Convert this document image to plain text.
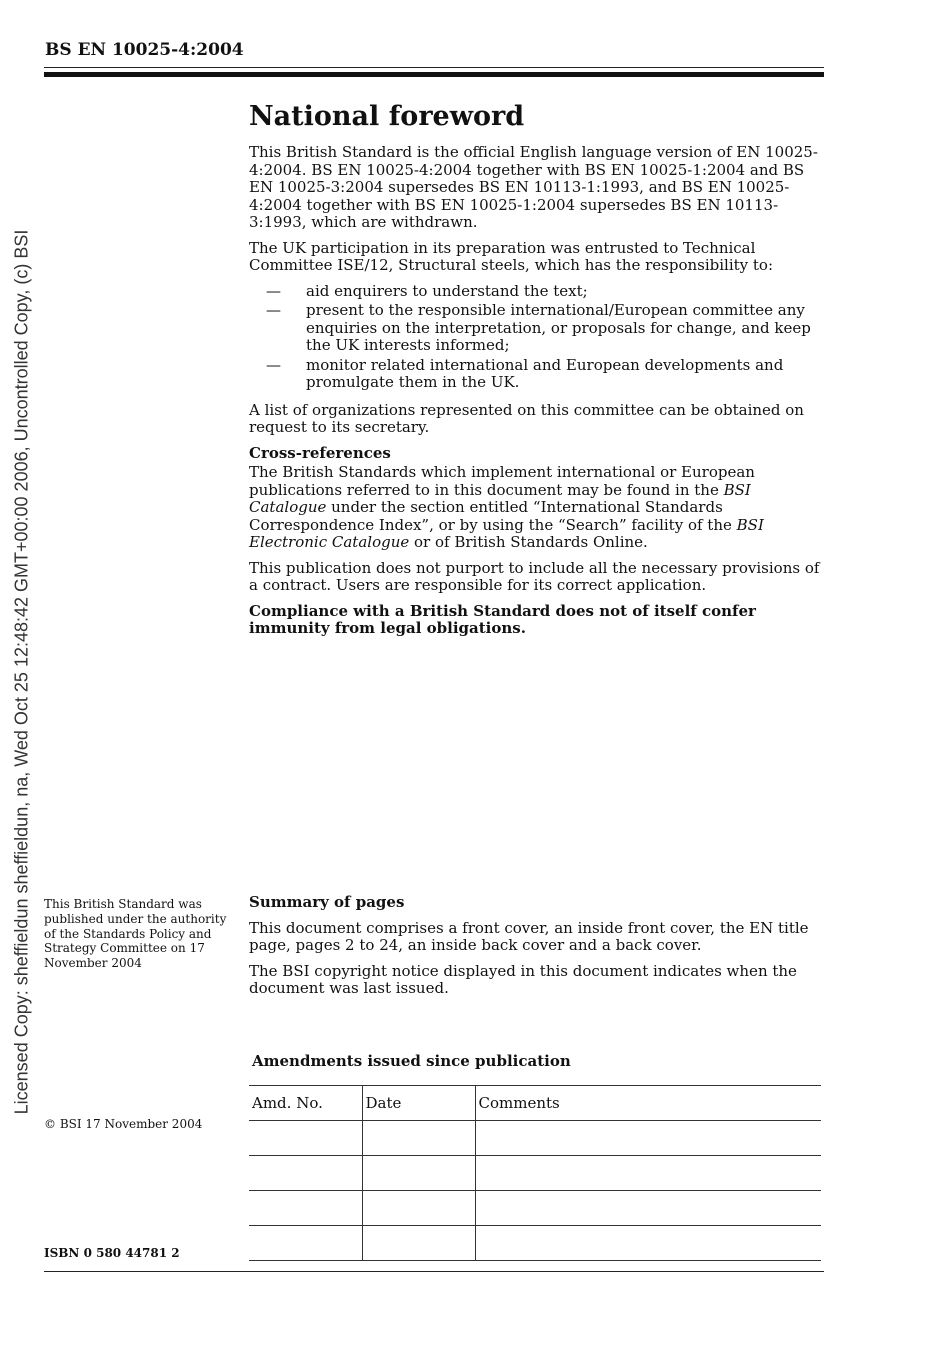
BS EN 10025-4:2004
Licensed Copy: sheffieldun sheffieldun, na, Wed Oct 25 12:48:42 GMT+00:00 2006, Uncontrolled Copy, (c) BSI
National foreword

This British Standard is the official English language version of EN 10025-4:2004. BS EN 10025-4:2004 together with BS EN 10025-1:2004 and BS EN 10025-3:2004 supersedes BS EN 10113-1:1993, and BS EN 10025-4:2004 together with BS EN 10025-1:2004 supersedes BS EN 10113-3:1993, which are withdrawn.

The UK participation in its preparation was entrusted to Technical Committee ISE/12, Structural steels, which has the responsibility to:

— aid enquirers to understand the text;
— present to the responsible international/European committee any enquiries on the interpretation, or proposals for change, and keep the UK interests informed;
— monitor related international and European developments and promulgate them in the UK.

A list of organizations represented on this committee can be obtained on request to its secretary.

Cross-references

The British Standards which implement international or European publications referred to in this document may be found in the BSI Catalogue under the section entitled “International Standards Correspondence Index”, or by using the “Search” facility of the BSI Electronic Catalogue or of British Standards Online.

This publication does not purport to include all the necessary provisions of a contract. Users are responsible for its correct application.

Compliance with a British Standard does not of itself confer immunity from legal obligations.

This British Standard was published under the authority of the Standards Policy and Strategy Committee on 17 November 2004
© BSI 17 November 2004
ISBN 0 580 44781 2
Summary of pages

This document comprises a front cover, an inside front cover, the EN title page, pages 2 to 24, an inside back cover and a back cover.

The BSI copyright notice displayed in this document indicates when the document was last issued.

Amendments issued since publication
Amd. No.	Date	Comments
